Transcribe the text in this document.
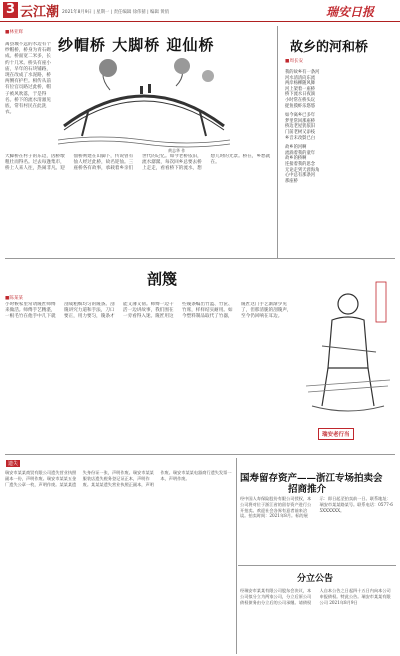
3 云江潮 2021年8月9日 | 星期一 | 责任编辑 徐伟猜 | 编辑 黄俏	瑞安日报
■林亚辉
纱帽桥 大脚桥 迎仙桥
黄志华 作
离县城不远的水边有个纱帽桥，桥身为青石砌成。桥面宽二米多，长约十几米。桥头有座小庙，早年的石块铺路，现在改成了水泥路，桥两侧有护栏。相传从前有位官员路过此桥，帽子被风吹落，于是得名。桥下的流水清澈见底，常有村民在此洗衣。
大脚桥在村子的东边，因桥墩粗壮而得名。过去每逢集市，桥上人来人往，热闹非凡。迎仙桥则建在山脚下，传说曾有仙人经过此桥，故名迎仙。三座桥各有故事，承载着乡亲们世代的记忆。如今老桥依旧，流水潺潺，每次回乡总要去桥上走走，看看桥下的流水，想想儿时的光景。桥在，乡愁就在。
故乡的河和桥
■周长安
我的故乡有一条河
河水清清向东流
两岸杨柳随风舞
河上架着一座桥
桥下流水日夜淌
小时常在桥头玩
捉鱼摸虾乐悠悠
如今离乡已多年
梦里常回那座桥
桥边老屋犹依旧
门前老树又添枝
乡音未改鬓已白
故乡的河啊
流淌着我的童年
故乡的桥啊
连接着我的思念
无论走到天涯海角
心中总有那条河
那座桥
剖篾
■陈某某
小时候家里常请篾匠师傅来做活。师傅手艺精湛，一根毛竹在他手中几下就剖成粗细均匀的篾条。剖篾讲究力道和手法，刀口要正，用力要匀，篾条才能又薄又韧。师傅一边干活一边讲故事，我们围在一旁看得入迷。篾匠用这些篾条编出竹篮、竹筐、竹席，样样结实耐用。如今塑料制品取代了竹器，篾匠这门手艺渐渐少见了，但那清脆的剖篾声，至今仍回响在耳边。
瑞安老行当
遗失
瑞安市某某商贸有限公司遗失营业执照副本一份，声明作废。瑞安市某某五金厂遗失公章一枚，声明作废。某某某遗失身份证一张，声明作废。瑞安市某某服装店遗失税务登记证正本，声明作废。某某某遗失营业执照正副本，声明作废。瑞安市某某电器商行遗失发票一本，声明作废。	国寿留存资产——浙江专场拍卖会
招商推介
经中国人寿保险股份有限公司授权，本公司将对位于浙江省的留存资产进行公开拍卖。欢迎社会各界有意者前来洽谈。拍卖时间：2021年8月。标的展示：即日起至拍卖前一日。联系地址：瑞安市某某路某号。联系电话：0577-65XXXXXX。
分立公告
经瑞安市某某有限公司股东会决议，本公司拟分立为两家公司，分立后原公司债权债务由分立后的公司承继。请债权人自本公告之日起四十五日内向本公司申报债权。特此公告。瑞安市某某有限公司 2021年8月9日
